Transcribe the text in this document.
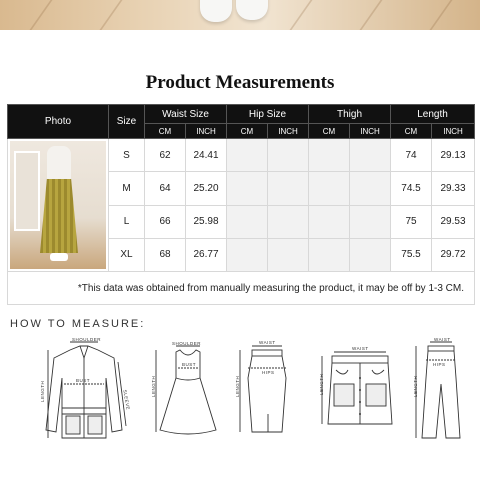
Product Measurements
Photo	Size	Waist Size		Hip Size		Thigh		Length	
		CM	INCH	CM	INCH	CM	INCH	CM	INCH

	S	62	24.41					74	29.13
	M	64	25.20					74.5	29.33
	L	66	25.98					75	29.53
	XL	68	26.77					75.5	29.72
*This data was obtained from manually measuring the product, it may be off by 1-3 CM.									
HOW TO MEASURE:
SHOULDER
BUST
LENGTH	SLEEVE
SHOULDER
BUST
LENGTH
WAIST
HIPS
LENGTH
WAIST
LENGTH
WAIST
HIPS
LENGTH
